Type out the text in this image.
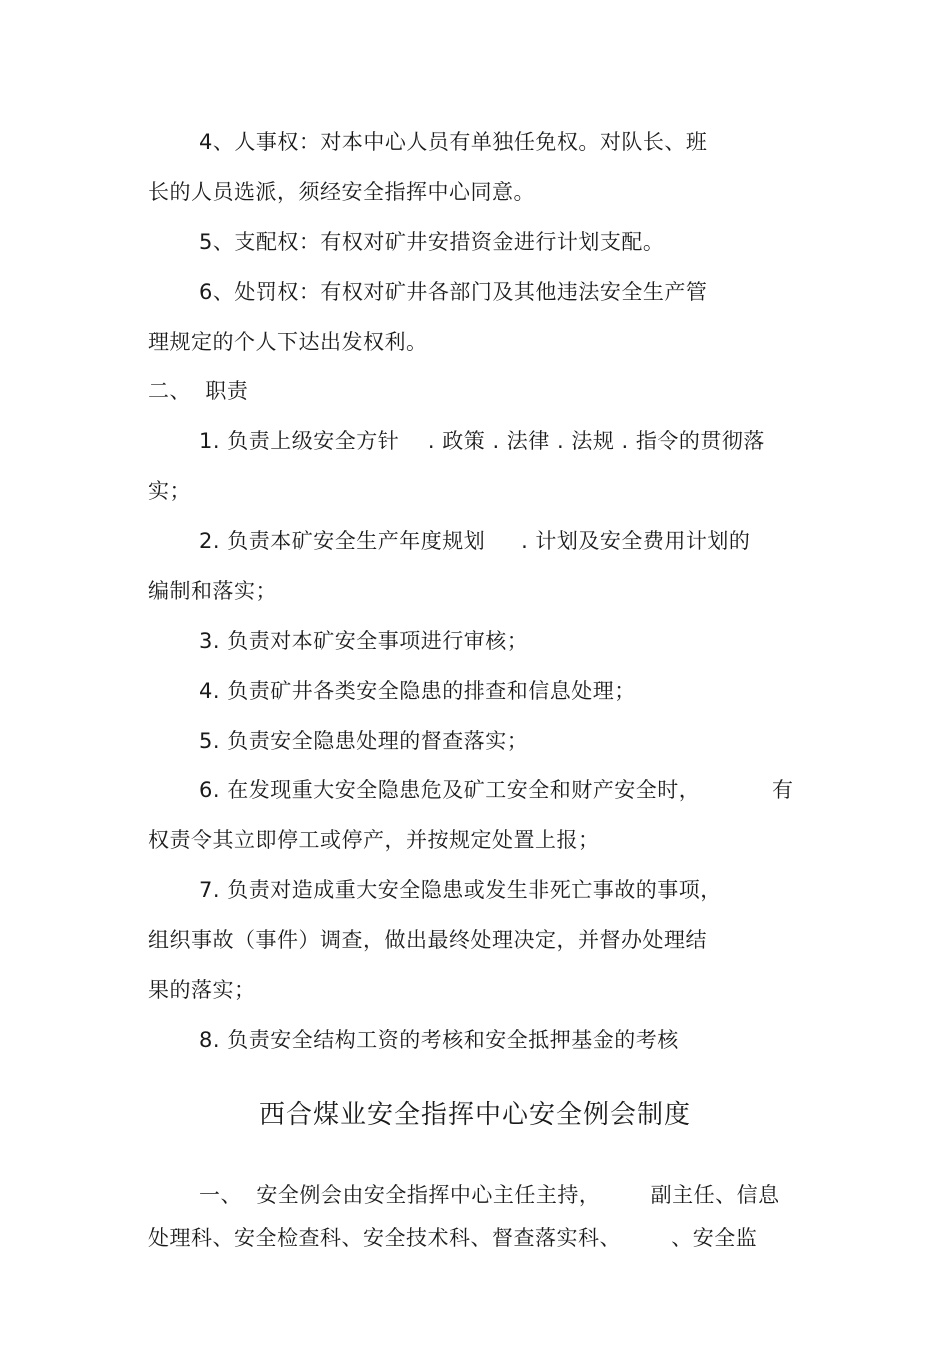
4、人事权：对本中心人员有单独任免权。对队长、班
长的人员选派，须经安全指挥中心同意。
5、支配权：有权对矿井安措资金进行计划支配。
6、处罚权：有权对矿井各部门及其他违法安全生产管
理规定的个人下达出发权利。
二、  职责
1. 负责上级安全方针    . 政策 . 法律 . 法规 . 指令的贯彻落
实；
2. 负责本矿安全生产年度规划     . 计划及安全费用计划的
编制和落实；
3. 负责对本矿安全事项进行审核；
4. 负责矿井各类安全隐患的排查和信息处理；
5. 负责安全隐患处理的督查落实；
6. 在发现重大安全隐患危及矿工安全和财产安全时，          有
权责令其立即停工或停产，并按规定处置上报；
7. 负责对造成重大安全隐患或发生非死亡事故的事项，
组织事故（事件）调查，做出最终处理决定，并督办处理结
果的落实；
8. 负责安全结构工资的考核和安全抵押基金的考核
西合煤业安全指挥中心安全例会制度
一、  安全例会由安全指挥中心主任主持，       副主任、信息
处理科、安全检查科、安全技术科、督查落实科、       、安全监
